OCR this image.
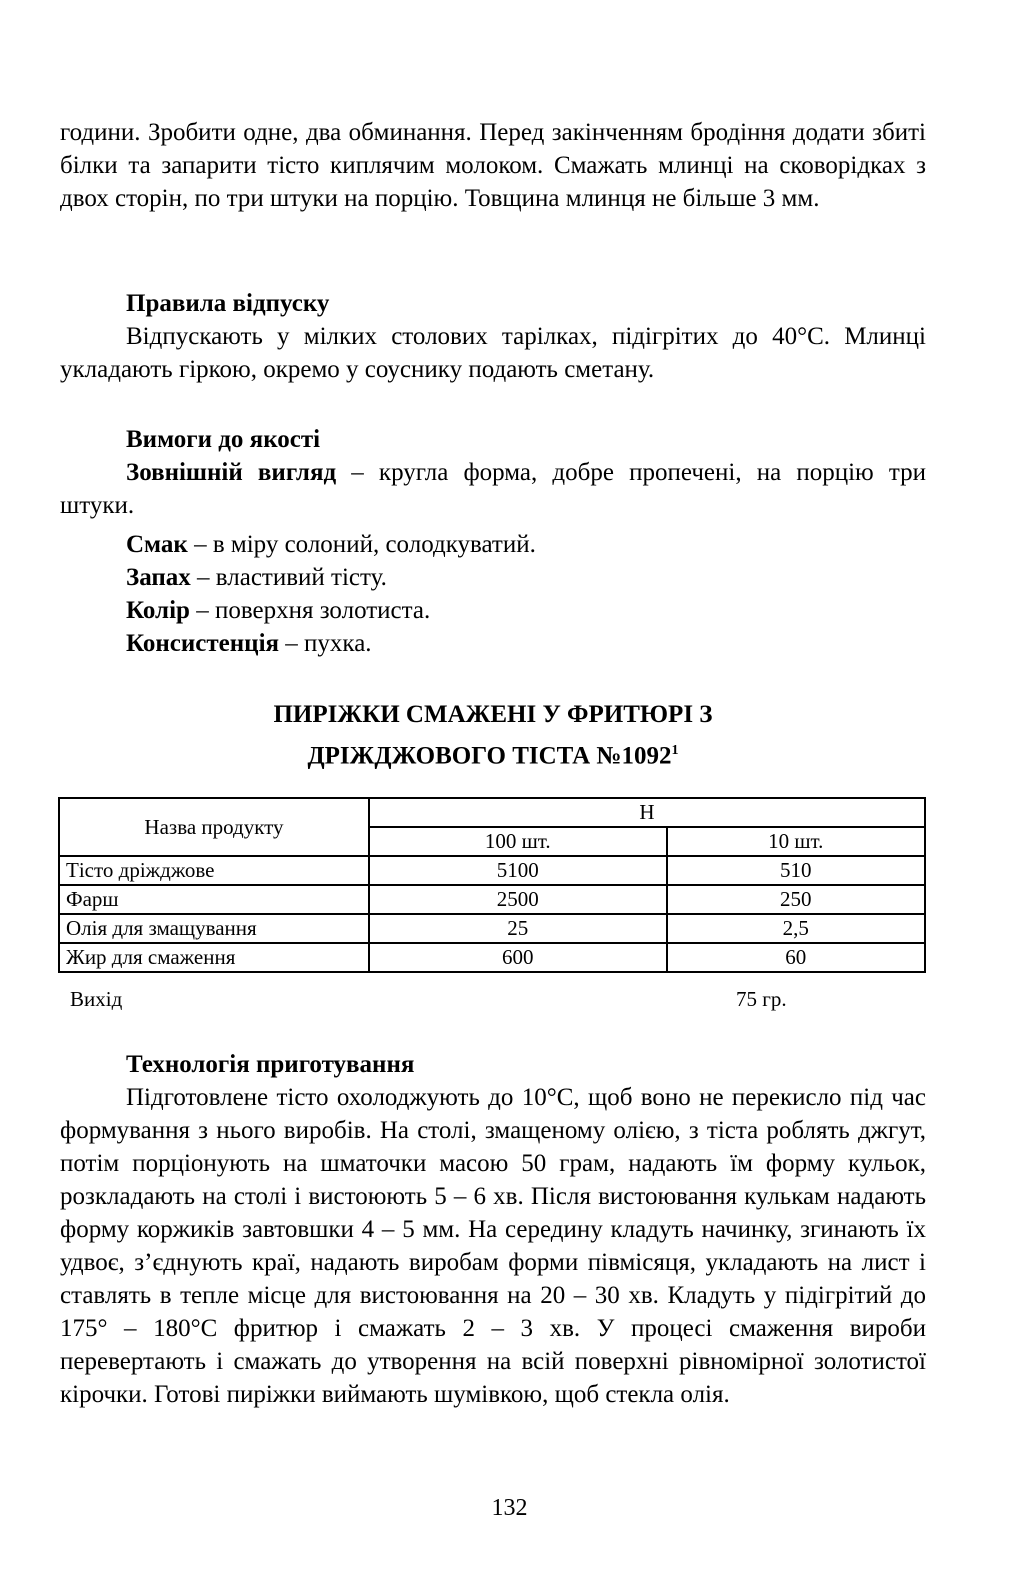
години. Зробити одне, два обминання. Перед закінченням бродіння додати збиті білки та запарити тісто киплячим молоком. Смажать млинці на сковорідках з двох сторін, по три штуки на порцію. Товщина млинця не більше 3 мм.

Правила відпуску

Відпускають у мілких столових тарілках, підігрітих до 40°С. Млинці укладають гіркою, окремо у соуснику подають сметану.

Вимоги до якості

Зовнішній вигляд – кругла форма, добре пропечені, на порцію три штуки.

Смак – в міру солоний, солодкуватий.

Запах – властивий тісту.

Колір – поверхня золотиста.

Консистенція – пухка.

ПИРІЖКИ СМАЖЕНІ У ФРИТЮРІ З

ДРІЖДЖОВОГО ТІСТА №1092$^1$

Назва продукту	Н	
	100 шт.	10 шт.
Тісто дріжджове	5100	510
Фарш	2500	250
Олія для змащування	25	2,5
Жир для смаження	600	60
Вихід	75 гр.

Технологія приготування

Підготовлене тісто охолоджують до 10°С, щоб воно не перекисло під час формування з нього виробів. На столі, змащеному олією, з тіста роблять джгут, потім порціонують на шматочки масою 50 грам, надають їм форму кульок, розкладають на столі і вистоюють 5 – 6 хв. Після вистоювання кулькам надають форму коржиків завтовшки 4 – 5 мм. На середину кладуть начинку, згинають їх удвоє, з’єднують краї, надають виробам форми півмісяця, укладають на лист і ставлять в тепле місце для вистоювання на 20 – 30 хв. Кладуть у підігрітий до 175° – 180°С фритюр і смажать 2 – 3 хв. У процесі смаження вироби перевертають і смажать до утворення на всій поверхні рівномірної золотистої кірочки. Готові пиріжки виймають шумівкою, щоб стекла олія.

132
